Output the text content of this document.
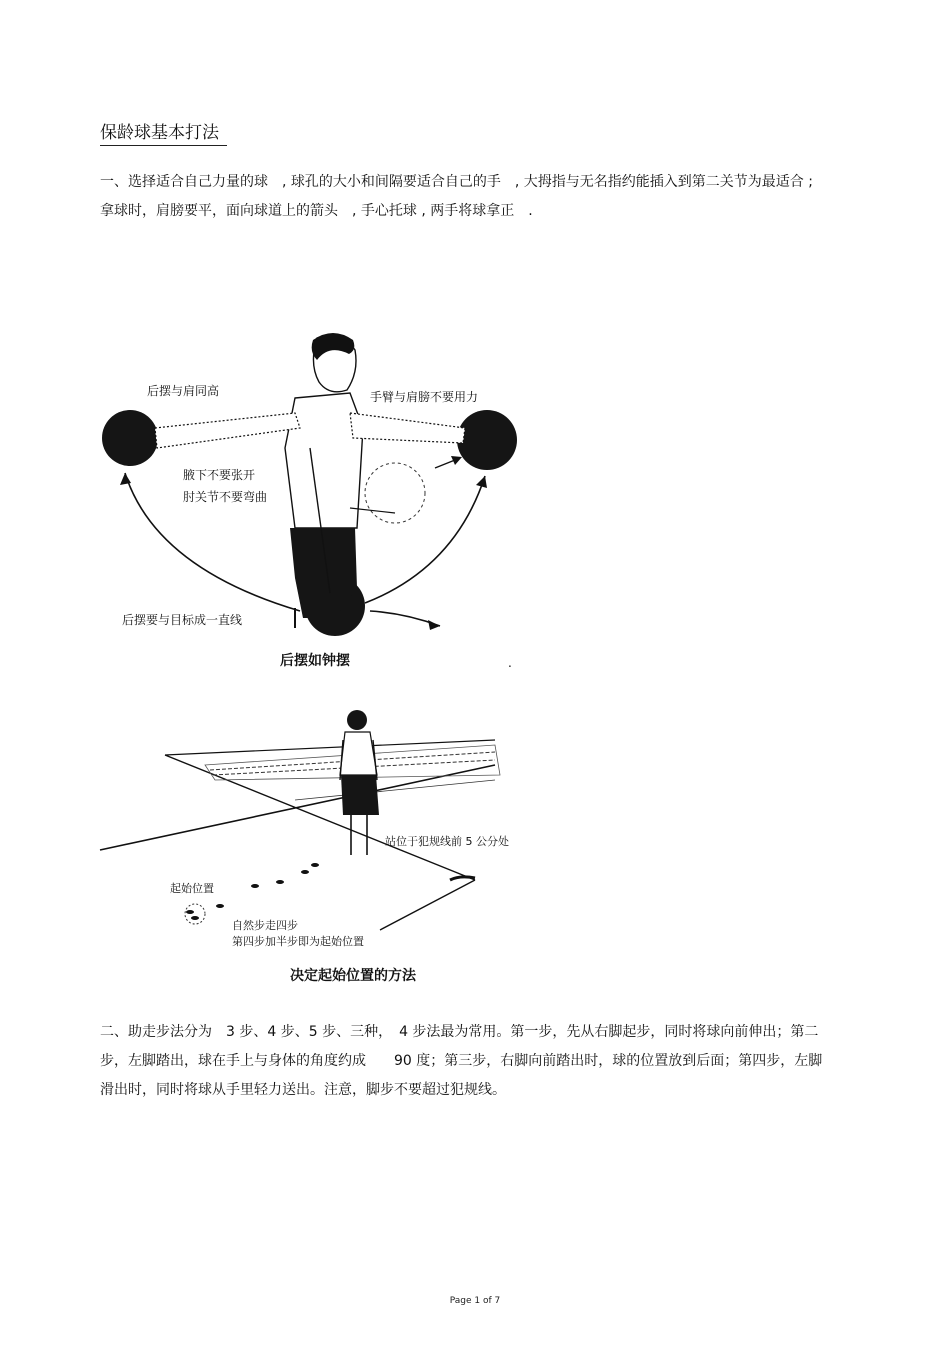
保龄球基本打法
一、选择适合自己力量的球　, 球孔的大小和间隔要适合自己的手　, 大拇指与无名指约能插入到第二关节为最适合 ; 拿球时，肩膀要平，面向球道上的箭头　, 手心托球 , 两手将球拿正　.
后摆与肩同高	手臂与肩膀不要用力
腋下不要张开
肘关节不要弯曲
后摆要与目标成一直线
后摆如钟摆	.
站位于犯规线前 5 公分处
起始位置
自然步走四步
第四步加半步即为起始位置
决定起始位置的方法
二、助走步法分为　3 步、4 步、5 步、三种，　4 步法最为常用。第一步，先从右脚起步，同时将球向前伸出；第二步，左脚踏出，球在手上与身体的角度约成　　90 度；第三步，右脚向前踏出时，球的位置放到后面；第四步，左脚滑出时，同时将球从手里轻力送出。注意，脚步不要超过犯规线。
Page 1 of 7
